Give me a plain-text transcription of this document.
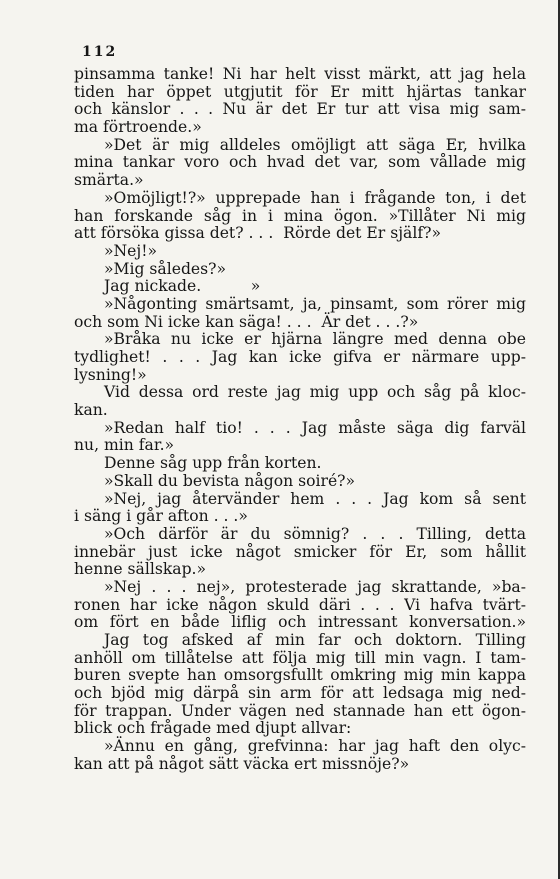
112
pinsamma tanke! Ni har helt visst märkt, att jag hela
tiden har öppet utgjutit för Er mitt hjärtas tankar
och känslor . . . Nu är det Er tur att visa mig sam-
ma förtroende.»
»Det är mig alldeles omöjligt att säga Er, hvilka
mina tankar voro och hvad det var, som vållade mig
smärta.»
»Omöjligt!?» upprepade han i frågande ton, i det
han forskande såg in i mina ögon. »Tillåter Ni mig
att försöka gissa det? . . .  Rörde det Er själf?»
»Nej!»
»Mig således?»
Jag nickade.          »
»Någonting smärtsamt, ja, pinsamt, som rörer mig
och som Ni icke kan säga! . . .  Är det . . .?»
»Bråka nu icke er hjärna längre med denna obe
tydlighet! . . . Jag kan icke gifva er närmare upp-
lysning!»
Vid dessa ord reste jag mig upp och såg på kloc-
kan.
»Redan half tio! . . . Jag måste säga dig farväl
nu, min far.»
Denne såg upp från korten.
»Skall du bevista någon soiré?»
»Nej, jag återvänder hem . . . Jag kom så sent
i säng i går afton . . .»
»Och därför är du sömnig? . . . Tilling, detta
innebär just icke något smicker för Er, som hållit
henne sällskap.»
»Nej . . . nej», protesterade jag skrattande, »ba-
ronen har icke någon skuld däri . . . Vi hafva tvärt-
om fört en både liflig och intressant konversation.»
Jag tog afsked af min far och doktorn. Tilling
anhöll om tillåtelse att följa mig till min vagn. I tam-
buren svepte han omsorgsfullt omkring mig min kappa
och bjöd mig därpå sin arm för att ledsaga mig ned-
för trappan. Under vägen ned stannade han ett ögon-
blick och frågade med djupt allvar:
»Ännu en gång, grefvinna: har jag haft den olyc-
kan att på något sätt väcka ert missnöje?»
